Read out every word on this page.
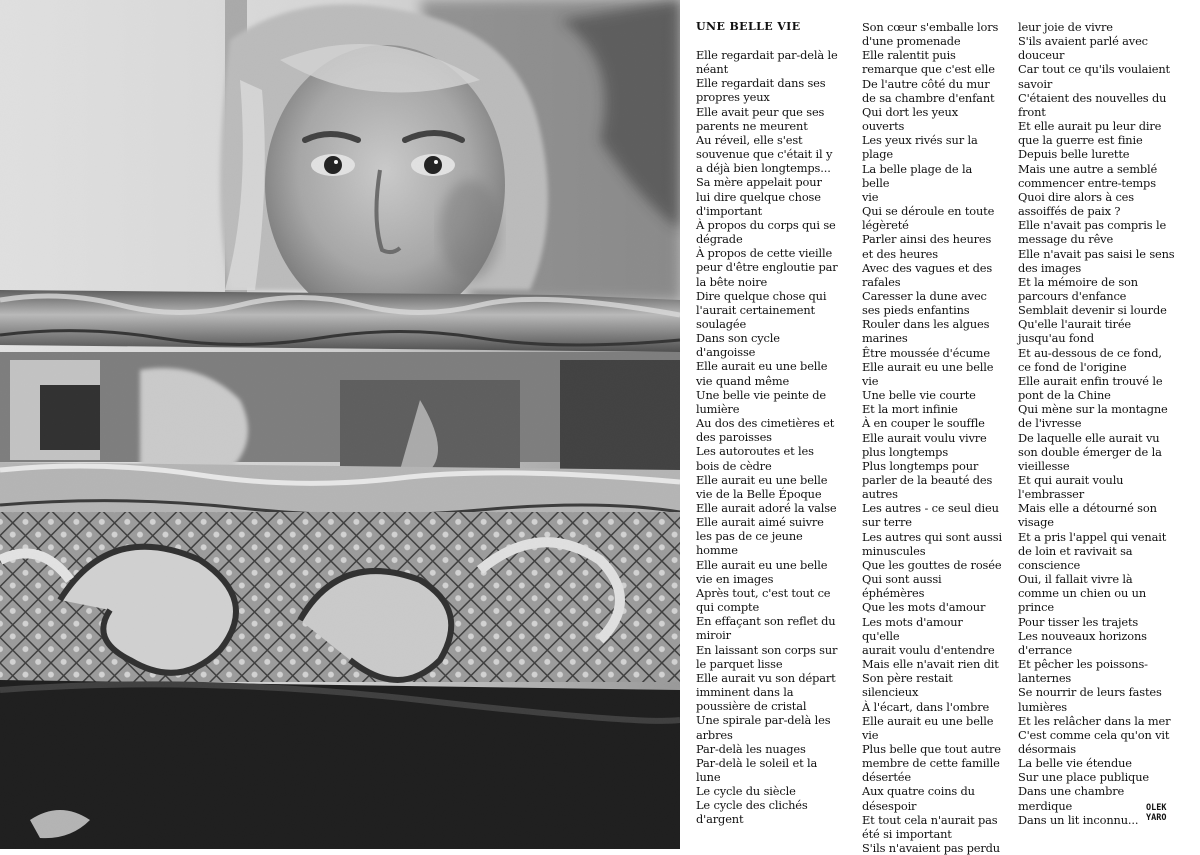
UNE BELLE VIE
Elle regardait par-delà le
néant
Elle regardait dans ses
propres yeux
Elle avait peur que ses
parents ne meurent
Au réveil, elle s'est
souvenue que c'était il y
a déjà bien longtemps...
Sa mère appelait pour
lui dire quelque chose
d'important
À propos du corps qui se
dégrade
À propos de cette vieille
peur d'être engloutie par
la bête noire
Dire quelque chose qui
l'aurait certainement
soulagée
Dans son cycle
d'angoisse
Elle aurait eu une belle
vie quand même
Une belle vie peinte de
lumière
Au dos des cimetières et
des paroisses
Les autoroutes et les
bois de cèdre
Elle aurait eu une belle
vie de la Belle Époque
Elle aurait adoré la valse
Elle aurait aimé suivre
les pas de ce jeune
homme
Elle aurait eu une belle
vie en images
Après tout, c'est tout ce
qui compte
En effaçant son reflet du
miroir
En laissant son corps sur
le parquet lisse
Elle aurait vu son départ
imminent dans la
poussière de cristal
Une spirale par-delà les
arbres
Par-delà les nuages
Par-delà le soleil et la
lune
Le cycle du siècle
Le cycle des clichés
d'argent
Son cœur s'emballe lors
d'une promenade
Elle ralentit puis
remarque que c'est elle
De l'autre côté du mur
de sa chambre d'enfant
Qui dort les yeux
ouverts
Les yeux rivés sur la
plage
La belle plage de la belle
vie
Qui se déroule en toute
légèreté
Parler ainsi des heures
et des heures
Avec des vagues et des
rafales
Caresser la dune avec
ses pieds enfantins
Rouler dans les algues
marines
Être moussée d'écume
Elle aurait eu une belle
vie
Une belle vie courte
Et la mort infinie
À en couper le souffle
Elle aurait voulu vivre
plus longtemps
Plus longtemps pour
parler de la beauté des
autres
Les autres - ce seul dieu
sur terre
Les autres qui sont aussi
minuscules
Que les gouttes de rosée
Qui sont aussi
éphémères
Que les mots d'amour
Les mots d'amour qu'elle
aurait voulu d'entendre
Mais elle n'avait rien dit
Son père restait
silencieux
À l'écart, dans l'ombre
Elle aurait eu une belle
vie
Plus belle que tout autre
membre de cette famille
désertée
Aux quatre coins du
désespoir
Et tout cela n'aurait pas
été si important
S'ils n'avaient pas perdu
leur joie de vivre
S'ils avaient parlé avec
douceur
Car tout ce qu'ils voulaient
savoir
C'étaient des nouvelles du
front
Et elle aurait pu leur dire
que la guerre est finie
Depuis belle lurette
Mais une autre a semblé
commencer entre-temps
Quoi dire alors à ces
assoiffés de paix ?
Elle n'avait pas compris le
message du rêve
Elle n'avait pas saisi le sens
des images
Et la mémoire de son
parcours d'enfance
Semblait devenir si lourde
Qu'elle l'aurait tirée
jusqu'au fond
Et au-dessous de ce fond,
ce fond de l'origine
Elle aurait enfin trouvé le
pont de la Chine
Qui mène sur la montagne
de l'ivresse
De laquelle elle aurait vu
son double émerger de la
vieillesse
Et qui aurait voulu
l'embrasser
Mais elle a détourné son
visage
Et a pris l'appel qui venait
de loin et ravivait sa
conscience
Oui, il fallait vivre là
comme un chien ou un
prince
Pour tisser les trajets
Les nouveaux horizons
d'errance
Et pêcher les poissons-
lanternes
Se nourrir de leurs fastes
lumières
Et les relâcher dans la mer
C'est comme cela qu'on vit
désormais
La belle vie étendue
Sur une place publique
Dans une chambre
merdique
Dans un lit inconnu...
OLEK
YARO
